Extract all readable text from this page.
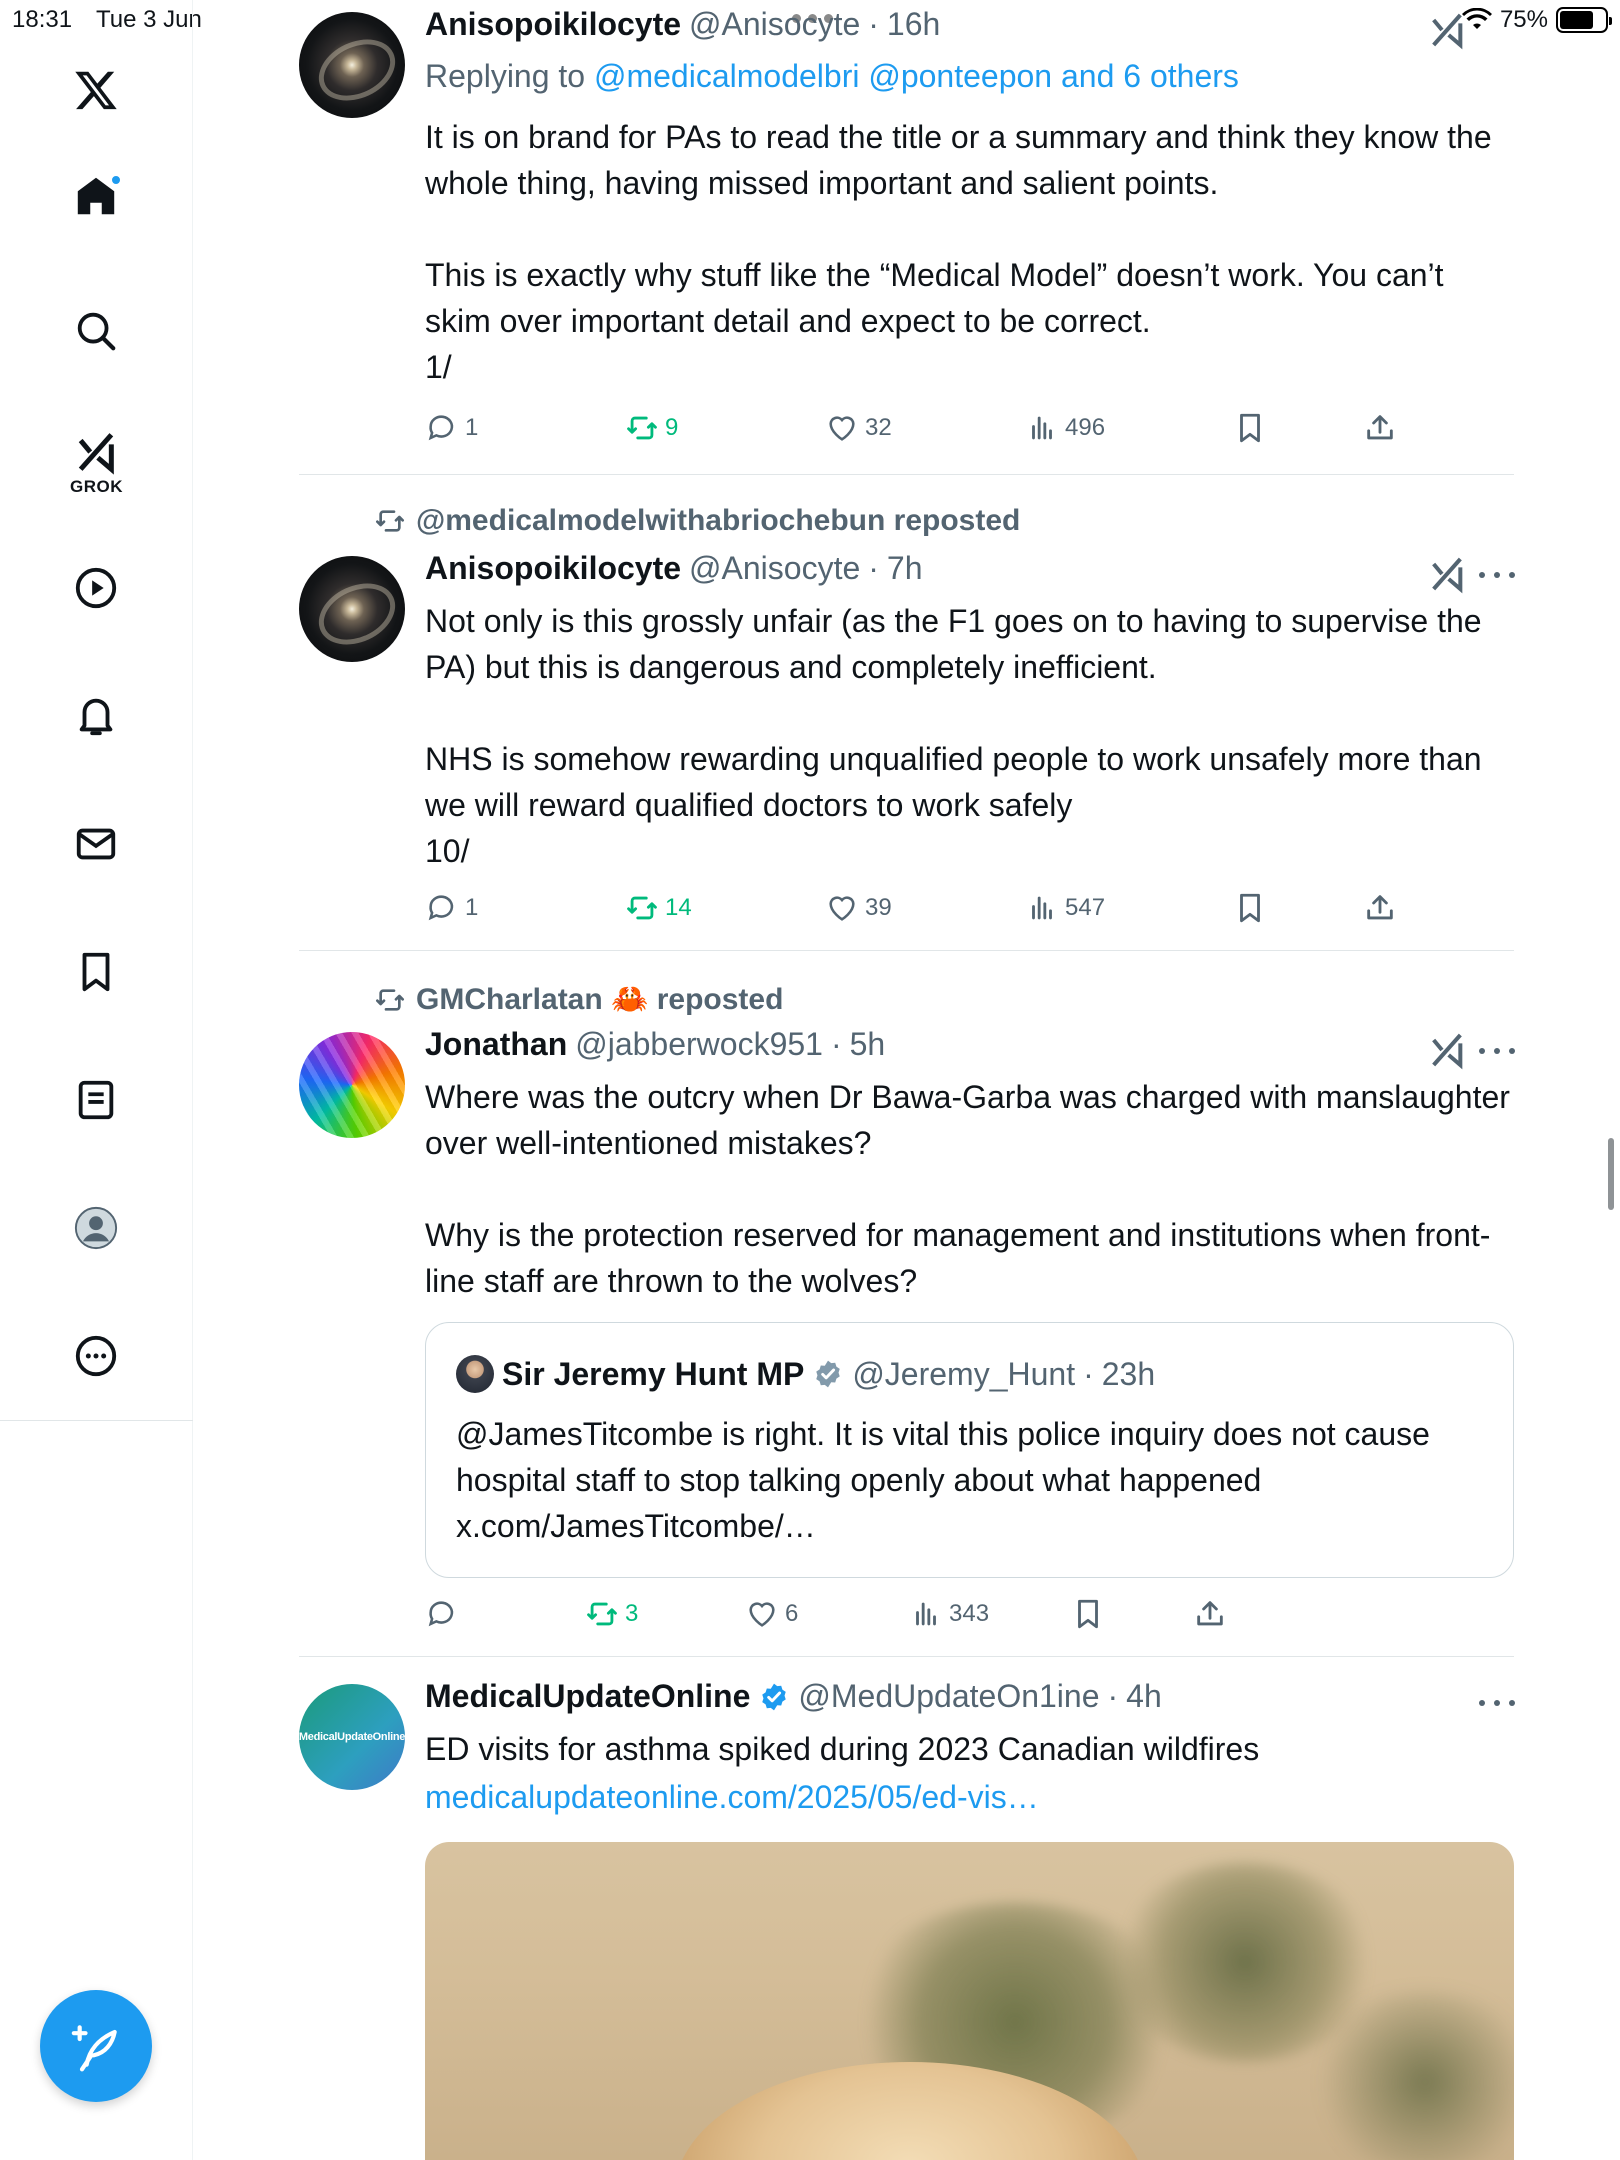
18:31 Tue 3 Jun	75%
GROK
Anisopoikilocyte @Anisocyte · 16h
Replying to @medicalmodelbri @ponteepon and 6 others
It is on brand for PAs to read the title or a summary and think they know the whole thing, having missed important and salient points.

This is exactly why stuff like the “Medical Model” doesn’t work. You can’t skim over important detail and expect to be correct.
1/
1	9	32	496
@medicalmodelwithabriochebun reposted
Anisopoikilocyte @Anisocyte · 7h
Not only is this grossly unfair (as the F1 goes on to having to supervise the PA) but this is dangerous and completely inefficient.

NHS is somehow rewarding unqualified people to work unsafely more than we will reward qualified doctors to work safely
10/
1	14	39	547
GMCharlatan 🦀 reposted
Jonathan @jabberwock951 · 5h
Where was the outcry when Dr Bawa-Garba was charged with manslaughter over well-intentioned mistakes?

Why is the protection reserved for management and institutions when front-line staff are thrown to the wolves?
Sir Jeremy Hunt MP @Jeremy_Hunt · 23h
@JamesTitcombe is right. It is vital this police inquiry does not cause hospital staff to stop talking openly about what happened
x.com/JamesTitcombe/…
3	6	343
MedicalUpdateOnline
MedicalUpdateOnline @MedUpdateOn1ine · 4h
ED visits for asthma spiked during 2023 Canadian wildfires
medicalupdateonline.com/2025/05/ed-vis…
